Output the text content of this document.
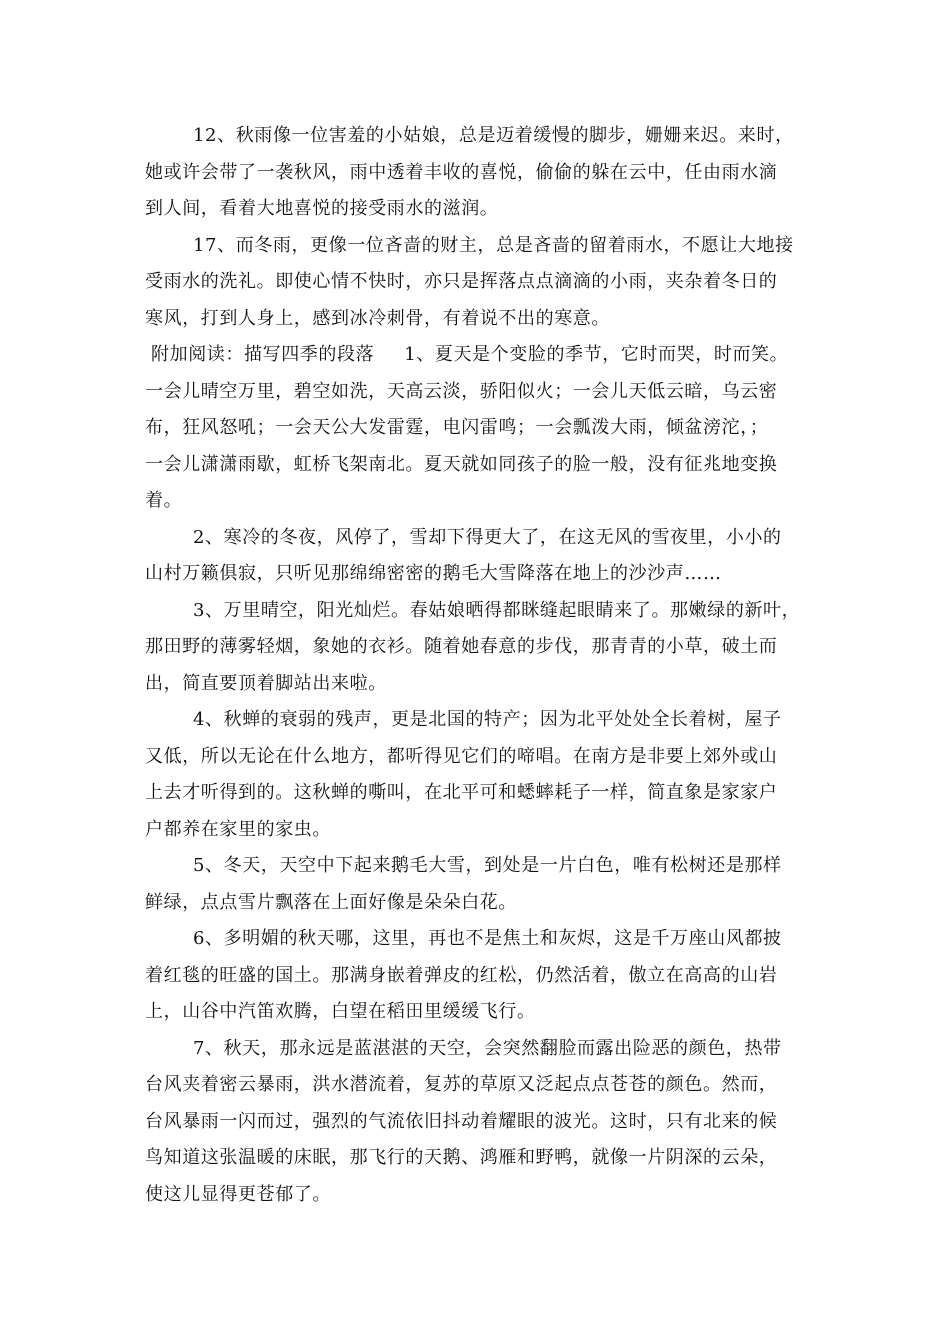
12、秋雨像一位害羞的小姑娘，总是迈着缓慢的脚步，姗姗来迟。来时，
她或许会带了一袭秋风，雨中透着丰收的喜悦，偷偷的躲在云中，任由雨水滴
到人间，看着大地喜悦的接受雨水的滋润。
17、而冬雨，更像一位吝啬的财主，总是吝啬的留着雨水，不愿让大地接
受雨水的洗礼。即使心情不快时，亦只是挥落点点滴滴的小雨，夹杂着冬日的
寒风，打到人身上，感到冰冷刺骨，有着说不出的寒意。
附加阅读：描写四季的段落 1、夏天是个变脸的季节，它时而哭，时而笑。
一会儿晴空万里，碧空如洗，天高云淡，骄阳似火；一会儿天低云暗，乌云密
布，狂风怒吼；一会天公大发雷霆，电闪雷鸣；一会瓢泼大雨，倾盆滂沱，；
一会儿潇潇雨歇，虹桥飞架南北。夏天就如同孩子的脸一般，没有征兆地变换
着。
2、寒冷的冬夜，风停了，雪却下得更大了，在这无风的雪夜里，小小的
山村万籁俱寂，只听见那绵绵密密的鹅毛大雪降落在地上的沙沙声……
3、万里晴空，阳光灿烂。春姑娘晒得都眯缝起眼睛来了。那嫩绿的新叶，
那田野的薄雾轻烟，象她的衣衫。随着她春意的步伐，那青青的小草，破土而
出，简直要顶着脚站出来啦。
4、秋蝉的衰弱的残声，更是北国的特产；因为北平处处全长着树，屋子
又低，所以无论在什么地方，都听得见它们的啼唱。在南方是非要上郊外或山
上去才听得到的。这秋蝉的嘶叫，在北平可和蟋蟀耗子一样，简直象是家家户
户都养在家里的家虫。
5、冬天，天空中下起来鹅毛大雪，到处是一片白色，唯有松树还是那样
鲜绿，点点雪片飘落在上面好像是朵朵白花。
6、多明媚的秋天哪，这里，再也不是焦土和灰烬，这是千万座山风都披
着红毯的旺盛的国土。那满身嵌着弹皮的红松，仍然活着，傲立在高高的山岩
上，山谷中汽笛欢腾，白望在稻田里缓缓飞行。
7、秋天，那永远是蓝湛湛的天空，会突然翻脸而露出险恶的颜色，热带
台风夹着密云暴雨，洪水潜流着，复苏的草原又泛起点点苍苍的颜色。然而，
台风暴雨一闪而过，强烈的气流依旧抖动着耀眼的波光。这时，只有北来的候
鸟知道这张温暖的床眠，那飞行的天鹅、鸿雁和野鸭，就像一片阴深的云朵，
使这儿显得更苍郁了。
